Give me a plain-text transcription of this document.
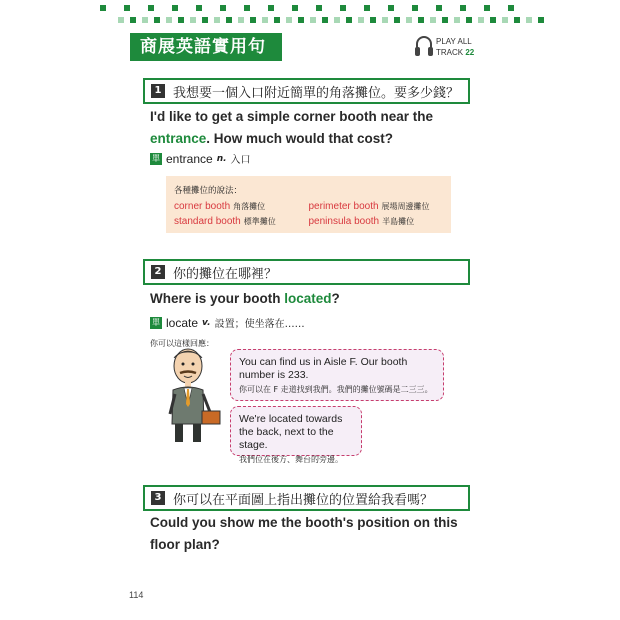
商展英語實用句	PLAY ALL
TRACK 22
1 我想要一個入口附近簡單的角落攤位。要多少錢？
I'd like to get a simple corner booth near the
entrance. How much would that cost?
單 entrance n. 入口
各種攤位的說法：
corner booth 角落攤位	perimeter booth 展場周邊攤位
standard booth 標準攤位	peninsula booth 半島攤位
2 你的攤位在哪裡？
Where is your booth located?
單 locate v. 設置；使坐落在……
你可以這樣回應：
You can find us in Aisle F. Our booth number is 233.
你可以在 F 走道找到我們。我們的攤位號碼是二三三。
We're located towards the back, next to the stage.
我們位在後方、舞台的旁邊。
3 你可以在平面圖上指出攤位的位置給我看嗎？
Could you show me the booth's position on this
floor plan?
114
